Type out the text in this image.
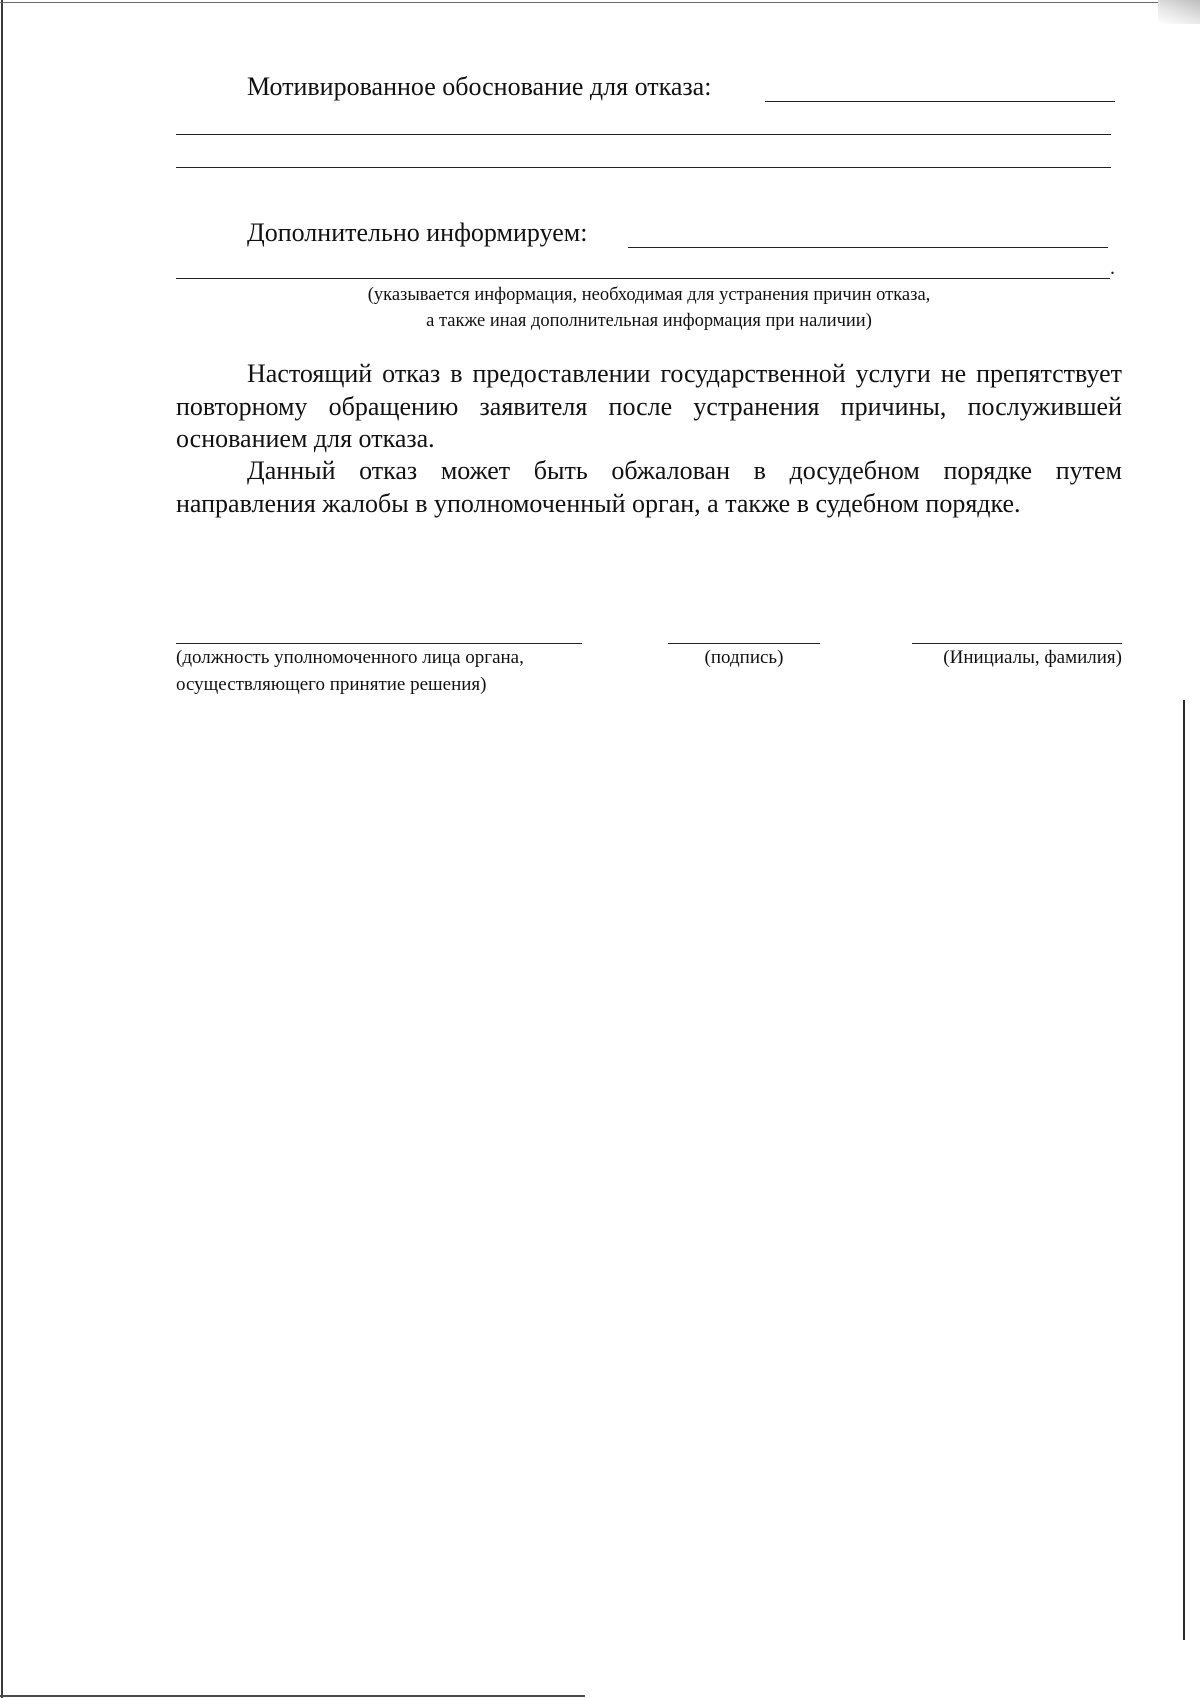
Мотивированное обоснование для отказа:
Дополнительно информируем:
.
(указывается информация, необходимая для устранения причин отказа,
а также иная дополнительная информация при наличии)

Настоящий отказ в предоставлении государственной услуги не препятствует повторному обращению заявителя после устранения причины, послужившей основанием для отказа.

Данный отказ может быть обжалован в досудебном порядке путем направления жалобы в уполномоченный орган, а также в судебном порядке.

(должность уполномоченного лица органа,
осуществляющего принятие решения)
(подпись)	(Инициалы, фамилия)
